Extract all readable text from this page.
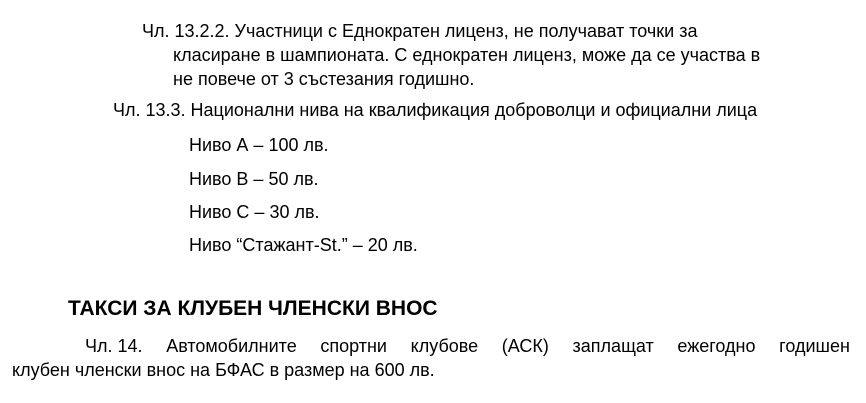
Чл. 13.2.2. Участници с Еднократен лиценз, не получават точки за
класиране в шампионата. С еднократен лиценз, може да се участва в
не повече от 3 състезания годишно.
Чл. 13.3. Национални нива на квалификация доброволци и официални лица
Ниво А – 100 лв.
Ниво В – 50 лв.
Ниво С – 30 лв.
Ниво “Стажант-St.” – 20 лв.
ТАКСИ ЗА КЛУБЕН ЧЛЕНСКИ ВНОС
Чл. 14. Автомобилните спортни клубове (АСК) заплащат ежегодно годишен
клубен членски внос на БФАС в размер на 600 лв.
